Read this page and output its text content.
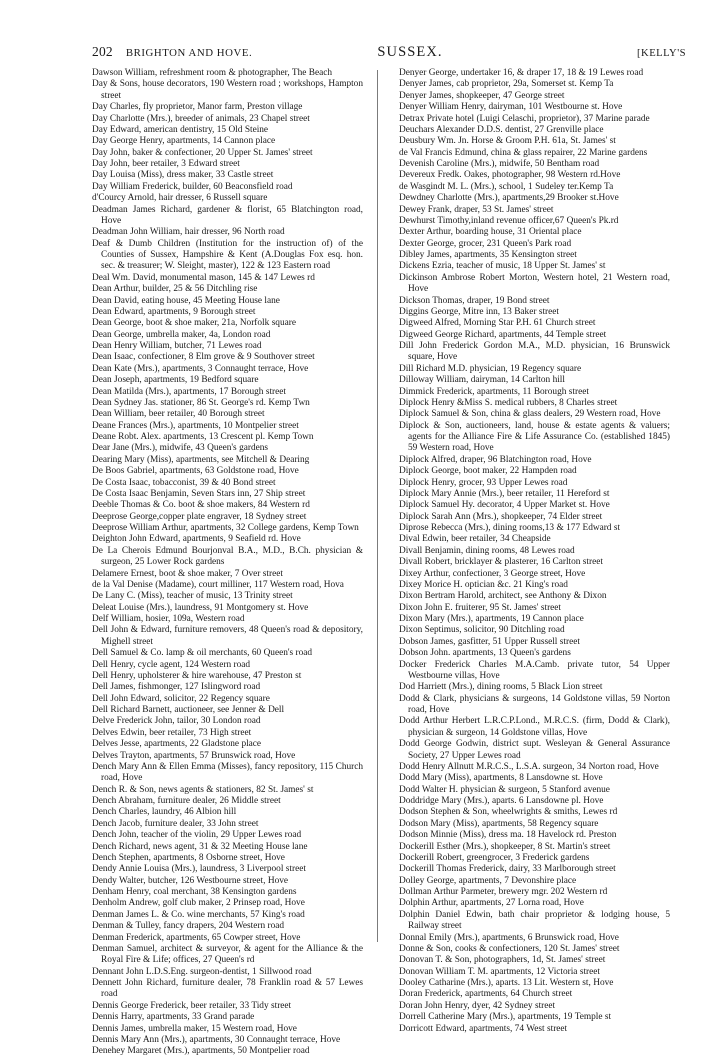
202 BRIGHTON AND HOVE.	SUSSEX.	[KELLY'S

Dawson William, refreshment room & photographer, The Beach

Day & Sons, house decorators, 190 Western road ; workshops, Hampton street

Day Charles, fly proprietor, Manor farm, Preston village

Day Charlotte (Mrs.), breeder of animals, 23 Chapel street

Day Edward, american dentistry, 15 Old Steine

Day George Henry, apartments, 14 Cannon place

Day John, baker & confectioner, 20 Upper St. James' street

Day John, beer retailer, 3 Edward street

Day Louisa (Miss), dress maker, 33 Castle street

Day William Frederick, builder, 60 Beaconsfield road

d'Courcy Arnold, hair dresser, 6 Russell square

Deadman James Richard, gardener & florist, 65 Blatchington road, Hove

Deadman John William, hair dresser, 96 North road

Deaf & Dumb Children (Institution for the instruction of) of the Counties of Sussex, Hampshire & Kent (A.Douglas Fox esq. hon. sec. & treasurer; W. Sleight, master), 122 & 123 Eastern road

Deal Wm. David, monumental mason, 145 & 147 Lewes rd

Dean Arthur, builder, 25 & 56 Ditchling rise

Dean David, eating house, 45 Meeting House lane

Dean Edward, apartments, 9 Borough street

Dean George, boot & shoe maker, 21a, Norfolk square

Dean George, umbrella maker, 4a, London road

Dean Henry William, butcher, 71 Lewes road

Dean Isaac, confectioner, 8 Elm grove & 9 Southover street

Dean Kate (Mrs.), apartments, 3 Connaught terrace, Hove

Dean Joseph, apartments, 19 Bedford square

Dean Matilda (Mrs.), apartments, 17 Borough street

Dean Sydney Jas. stationer, 86 St. George's rd. Kemp Twn

Dean William, beer retailer, 40 Borough street

Deane Frances (Mrs.), apartments, 10 Montpelier street

Deane Robt. Alex. apartments, 13 Crescent pl. Kemp Town

Dear Jane (Mrs.), midwife, 43 Queen's gardens

Dearing Mary (Miss), apartments, see Mitchell & Dearing

De Boos Gabriel, apartments, 63 Goldstone road, Hove

De Costa Isaac, tobacconist, 39 & 40 Bond street

De Costa Isaac Benjamin, Seven Stars inn, 27 Ship street

Deeble Thomas & Co. boot & shoe makers, 84 Western rd

Deeprose George,copper plate engraver, 18 Sydney street

Deeprose William Arthur, apartments, 32 College gardens, Kemp Town

Deighton John Edward, apartments, 9 Seafield rd. Hove

De La Cherois Edmund Bourjonval B.A., M.D., B.Ch. physician & surgeon, 25 Lower Rock gardens

Delamere Ernest, boot & shoe maker, 7 Over street

de la Val Denise (Madame), court milliner, 117 Western road, Hova

De Lany C. (Miss), teacher of music, 13 Trinity street

Deleat Louise (Mrs.), laundress, 91 Montgomery st. Hove

Delf William, hosier, 109a, Western road

Dell John & Edward, furniture removers, 48 Queen's road & depository, Mighell street

Dell Samuel & Co. lamp & oil merchants, 60 Queen's road

Dell Henry, cycle agent, 124 Western road

Dell Henry, upholsterer & hire warehouse, 47 Preston st

Dell James, fishmonger, 127 Islingword road

Dell John Edward, solicitor, 22 Regency square

Dell Richard Barnett, auctioneer, see Jenner & Dell

Delve Frederick John, tailor, 30 London road

Delves Edwin, beer retailer, 73 High street

Delves Jesse, apartments, 22 Gladstone place

Delves Trayton, apartments, 57 Brunswick road, Hove

Dench Mary Ann & Ellen Emma (Misses), fancy repository, 115 Church road, Hove

Dench R. & Son, news agents & stationers, 82 St. James' st

Dench Abraham, furniture dealer, 26 Middle street

Dench Charles, laundry, 46 Albion hill

Dench Jacob, furniture dealer, 33 John street

Dench John, teacher of the violin, 29 Upper Lewes road

Dench Richard, news agent, 31 & 32 Meeting House lane

Dench Stephen, apartments, 8 Osborne street, Hove

Dendy Annie Louisa (Mrs.), laundress, 3 Liverpool street

Dendy Walter, butcher, 126 Westbourne street, Hove

Denham Henry, coal merchant, 38 Kensington gardens

Denholm Andrew, golf club maker, 2 Prinsep road, Hove

Denman James L. & Co. wine merchants, 57 King's road

Denman & Tulley, fancy drapers, 204 Western road

Denman Frederick, apartments, 65 Cowper street, Hove

Denman Samuel, architect & surveyor, & agent for the Alliance & the Royal Fire & Life; offices, 27 Queen's rd

Dennant John L.D.S.Eng. surgeon-dentist, 1 Sillwood road

Dennett John Richard, furniture dealer, 78 Franklin road & 57 Lewes road

Dennis George Frederick, beer retailer, 33 Tidy street

Dennis Harry, apartments, 33 Grand parade

Dennis James, umbrella maker, 15 Western road, Hove

Dennis Mary Ann (Mrs.), apartments, 30 Connaught terrace, Hove

Denehey Margaret (Mrs.), apartments, 50 Montpelier road

Denyer George, undertaker 16, & draper 17, 18 & 19 Lewes road

Denyer James, cab proprietor, 29a, Somerset st. Kemp Ta

Denyer James, shopkeeper, 47 George street

Denyer William Henry, dairyman, 101 Westbourne st. Hove

Detrax Private hotel (Luigi Celaschi, proprietor), 37 Marine parade

Deuchars Alexander D.D.S. dentist, 27 Grenville place

Deusbury Wm. Jn. Horse & Groom P.H. 61a, St. James' st

de Val Francis Edmund, china & glass repairer, 22 Marine gardens

Devenish Caroline (Mrs.), midwife, 50 Bentham road

Devereux Fredk. Oakes, photographer, 98 Western rd.Hove

de Wasgindt M. L. (Mrs.), school, 1 Sudeley ter.Kemp Ta

Dewdney Charlotte (Mrs.), apartments,29 Brooker st.Hove

Dewey Frank, draper, 53 St. James' street

Dewhurst Timothy,inland revenue officer,67 Queen's Pk.rd

Dexter Arthur, boarding house, 31 Oriental place

Dexter George, grocer, 231 Queen's Park road

Dibley James, apartments, 35 Kensington street

Dickens Ezria, teacher of music, 18 Upper St. James' st

Dickinson Ambrose Robert Morton, Western hotel, 21 Western road, Hove

Dickson Thomas, draper, 19 Bond street

Diggins George, Mitre inn, 13 Baker street

Digweed Alfred, Morning Star P.H. 61 Church street

Digweed George Richard, apartments, 44 Temple street

Dill John Frederick Gordon M.A., M.D. physician, 16 Brunswick square, Hove

Dill Richard M.D. physician, 19 Regency square

Dilloway William, dairyman, 14 Carlton hill

Dimmick Frederick, apartments, 11 Borough street

Diplock Henry &Miss S. medical rubbers, 8 Charles street

Diplock Samuel & Son, china & glass dealers, 29 Western road, Hove

Diplock & Son, auctioneers, land, house & estate agents & valuers; agents for the Alliance Fire & Life Assurance Co. (established 1845) 59 Western road, Hove

Diplock Alfred, draper, 96 Blatchington road, Hove

Diplock George, boot maker, 22 Hampden road

Diplock Henry, grocer, 93 Upper Lewes road

Diplock Mary Annie (Mrs.), beer retailer, 11 Hereford st

Diplock Samuel Hy. decorator, 4 Upper Market st. Hove

Diplock Sarah Ann (Mrs.), shopkeeper, 74 Elder street

Diprose Rebecca (Mrs.), dining rooms,13 & 177 Edward st

Dival Edwin, beer retailer, 34 Cheapside

Divall Benjamin, dining rooms, 48 Lewes road

Divall Robert, bricklayer & plasterer, 16 Carlton street

Dixey Arthur, confectioner, 3 George street, Hove

Dixey Morice H. optician &c. 21 King's road

Dixon Bertram Harold, architect, see Anthony & Dixon

Dixon John E. fruiterer, 95 St. James' street

Dixon Mary (Mrs.), apartments, 19 Cannon place

Dixon Septimus, solicitor, 90 Ditchling road

Dobson James, gasfitter, 51 Upper Russell street

Dobson John. apartments, 13 Queen's gardens

Docker Frederick Charles M.A.Camb. private tutor, 54 Upper Westbourne villas, Hove

Dod Harriett (Mrs.), dining rooms, 5 Black Lion street

Dodd & Clark, physicians & surgeons, 14 Goldstone villas, 59 Norton road, Hove

Dodd Arthur Herbert L.R.C.P.Lond., M.R.C.S. (firm, Dodd & Clark), physician & surgeon, 14 Goldstone villas, Hove

Dodd George Godwin, district supt. Wesleyan & General Assurance Society, 27 Upper Lewes road

Dodd Henry Allnutt M.R.C.S., L.S.A. surgeon, 34 Norton road, Hove

Dodd Mary (Miss), apartments, 8 Lansdowne st. Hove

Dodd Walter H. physician & surgeon, 5 Stanford avenue

Doddridge Mary (Mrs.), aparts. 6 Lansdowne pl. Hove

Dodson Stephen & Son, wheelwrights & smiths, Lewes rd

Dodson Mary (Miss), apartments, 58 Regency square

Dodson Minnie (Miss), dress ma. 18 Havelock rd. Preston

Dockerill Esther (Mrs.), shopkeeper, 8 St. Martin's street

Dockerill Robert, greengrocer, 3 Frederick gardens

Dockerill Thomas Frederick, dairy, 33 Marlborough street

Dolley George, apartments, 7 Devonshire place

Dollman Arthur Parmeter, brewery mgr. 202 Western rd

Dolphin Arthur, apartments, 27 Lorna road, Hove

Dolphin Daniel Edwin, bath chair proprietor & lodging house, 5 Railway street

Donnal Emily (Mrs.), apartments, 6 Brunswick road, Hove

Donne & Son, cooks & confectioners, 120 St. James' street

Donovan T. & Son, photographers, 1d, St. James' street

Donovan William T. M. apartments, 12 Victoria street

Dooley Catharine (Mrs.), aparts. 13 Lit. Western st, Hove

Doran Frederick, apartments, 64 Church street

Doran John Henry, dyer, 42 Sydney street

Dorrell Catherine Mary (Mrs.), apartments, 19 Temple st

Dorricott Edward, apartments, 74 West street
